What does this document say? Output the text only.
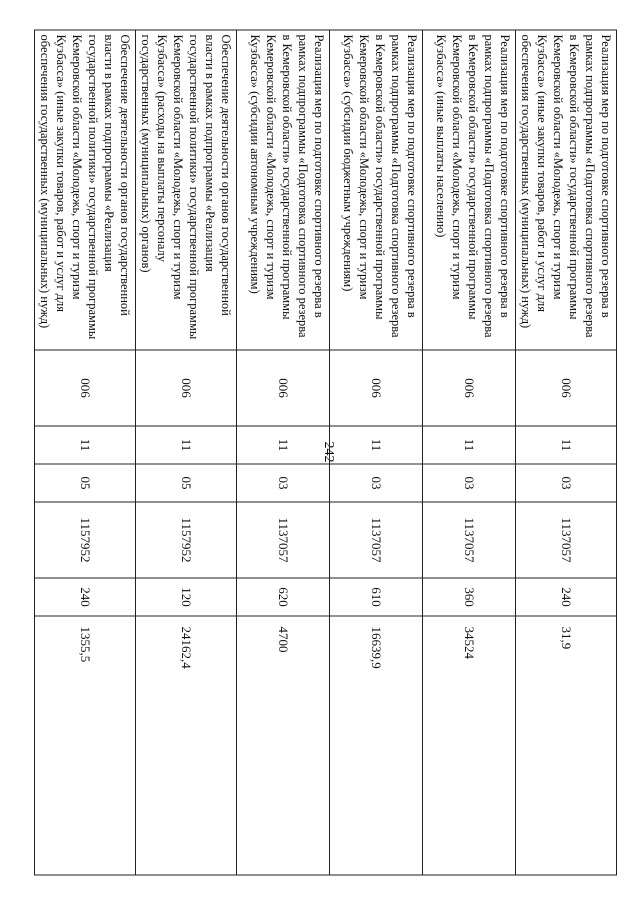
242
Реализация мер по подготовке спортивного резерва в рамках подпрограммы «Подготовка спортивного резерва в Кемеровской области» государственной программы Кемеровской области «Молодежь, спорт и туризм Кузбасса» (иные закупки товаров, работ и услуг для обеспечения государственных (муниципальных) нужд)	006	11	03	1137057	240	31,9
Реализация мер по подготовке спортивного резерва в рамках подпрограммы «Подготовка спортивного резерва в Кемеровской области» государственной программы Кемеровской области «Молодежь, спорт и туризм Кузбасса» (иные выплаты населению)	006	11	03	1137057	360	34524
Реализация мер по подготовке спортивного резерва в рамках подпрограммы «Подготовка спортивного резерва в Кемеровской области» государственной программы Кемеровской области «Молодежь, спорт и туризм Кузбасса» (субсидии бюджетным учреждениям)	006	11	03	1137057	610	16639,9
Реализация мер по подготовке спортивного резерва в рамках подпрограммы «Подготовка спортивного резерва в Кемеровской области» государственной программы Кемеровской области «Молодежь, спорт и туризм Кузбасса» (субсидии автономным учреждениям)	006	11	03	1137057	620	4700
Обеспечение деятельности органов государственной власти в рамках подпрограммы «Реализация государственной политики» государственной программы Кемеровской области «Молодежь, спорт и туризм Кузбасса» (расходы на выплаты персоналу государственных (муниципальных) органов)	006	11	05	1157952	120	24162,4
Обеспечение деятельности органов государственной власти в рамках подпрограммы «Реализация государственной политики» государственной программы Кемеровской области «Молодежь, спорт и туризм Кузбасса» (иные закупки товаров, работ и услуг для обеспечения государственных (муниципальных) нужд)	006	11	05	1157952	240	1355,5
